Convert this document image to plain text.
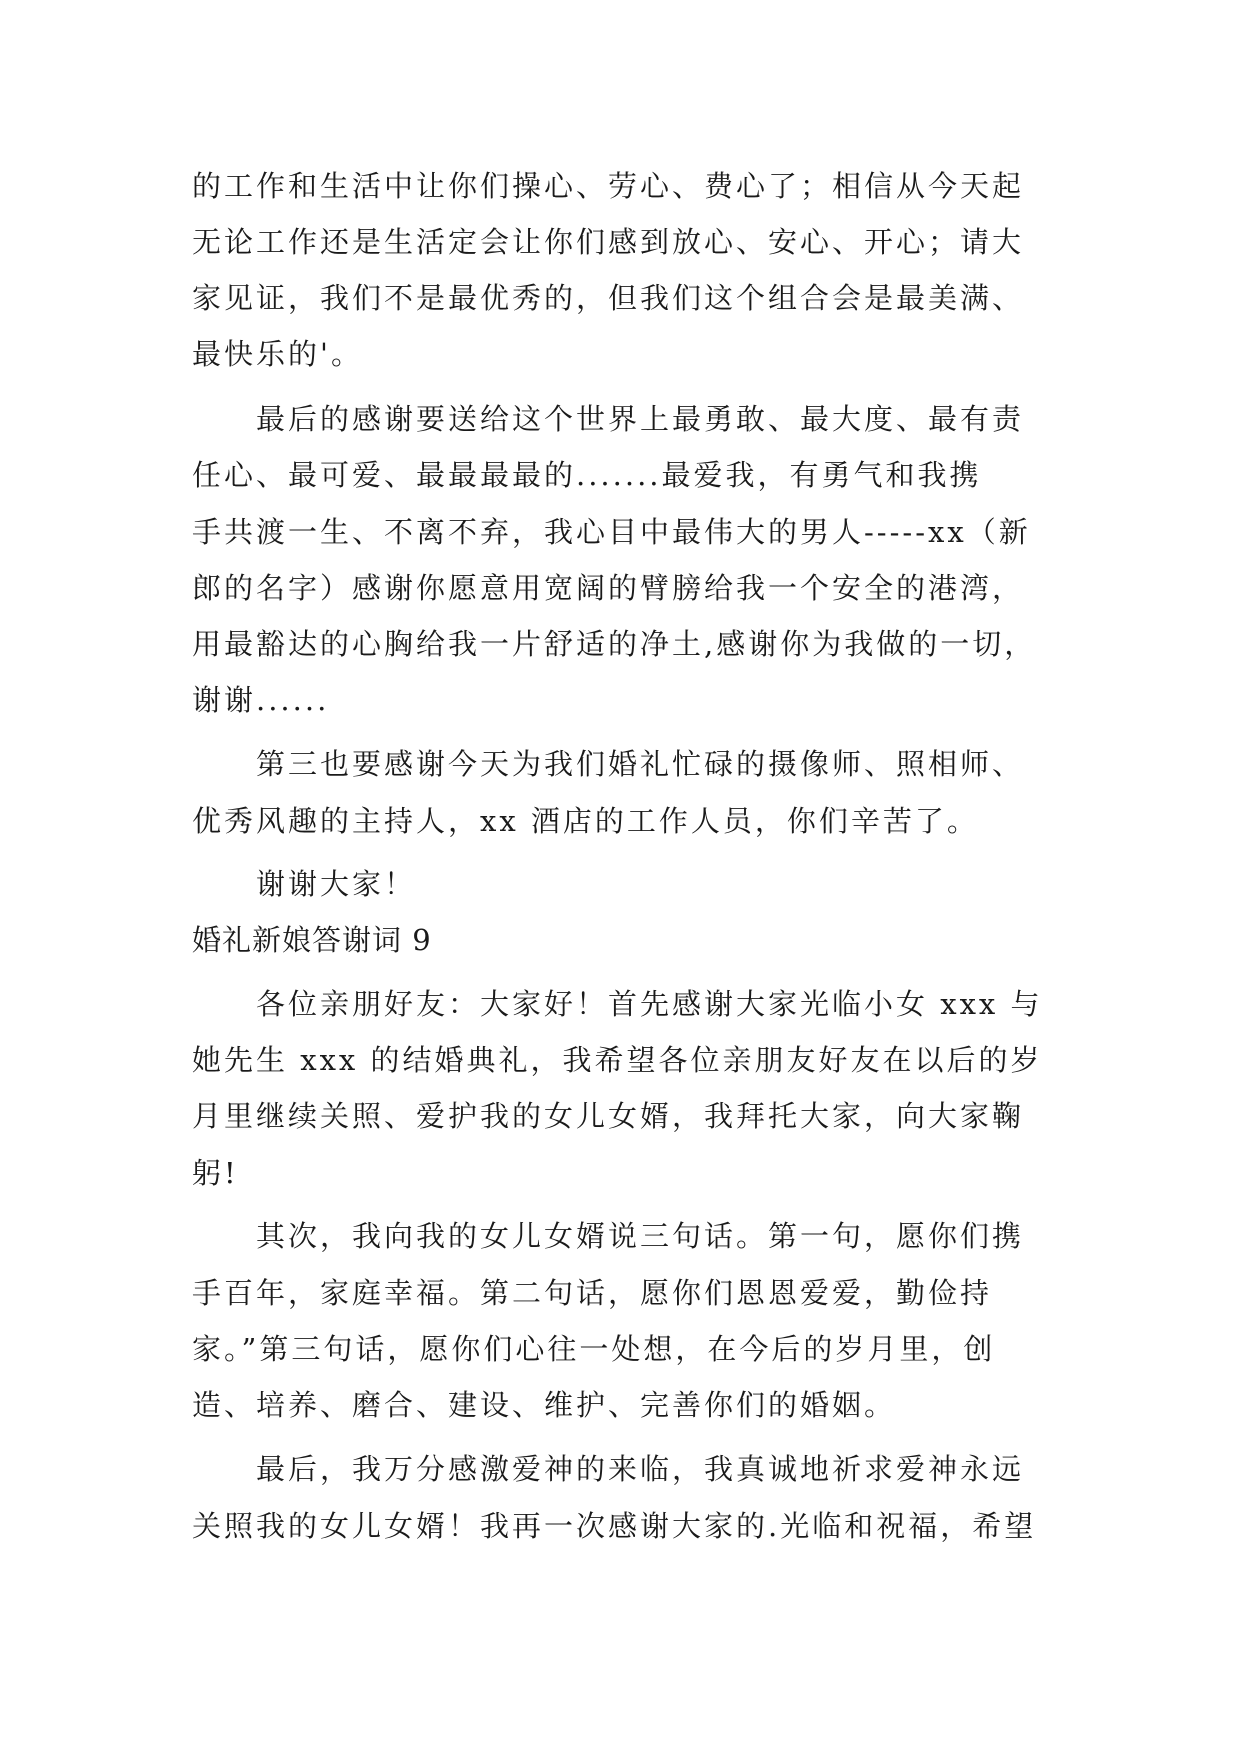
的工作和生活中让你们操心、劳心、费心了；相信从今天起
无论工作还是生活定会让你们感到放心、安心、开心；请大
家见证，我们不是最优秀的，但我们这个组合会是最美满、
最快乐的'。
最后的感谢要送给这个世界上最勇敢、最大度、最有责
任心、最可爱、最最最最的.......最爱我，有勇气和我携
手共渡一生、不离不弃，我心目中最伟大的男人-----xx（新
郎的名字）感谢你愿意用宽阔的臂膀给我一个安全的港湾，
用最豁达的心胸给我一片舒适的净土,感谢你为我做的一切，
谢谢......
第三也要感谢今天为我们婚礼忙碌的摄像师、照相师、
优秀风趣的主持人，xx 酒店的工作人员，你们辛苦了。
谢谢大家！
婚礼新娘答谢词 9
各位亲朋好友：大家好！首先感谢大家光临小女 xxx 与
她先生 xxx 的结婚典礼，我希望各位亲朋友好友在以后的岁
月里继续关照、爱护我的女儿女婿，我拜托大家，向大家鞠
躬!
其次，我向我的女儿女婿说三句话。第一句，愿你们携
手百年，家庭幸福。第二句话，愿你们恩恩爱爱，勤俭持
家。”第三句话，愿你们心往一处想，在今后的岁月里，创
造、培养、磨合、建设、维护、完善你们的婚姻。
最后，我万分感激爱神的来临，我真诚地祈求爱神永远
关照我的女儿女婿！我再一次感谢大家的.光临和祝福，希望
